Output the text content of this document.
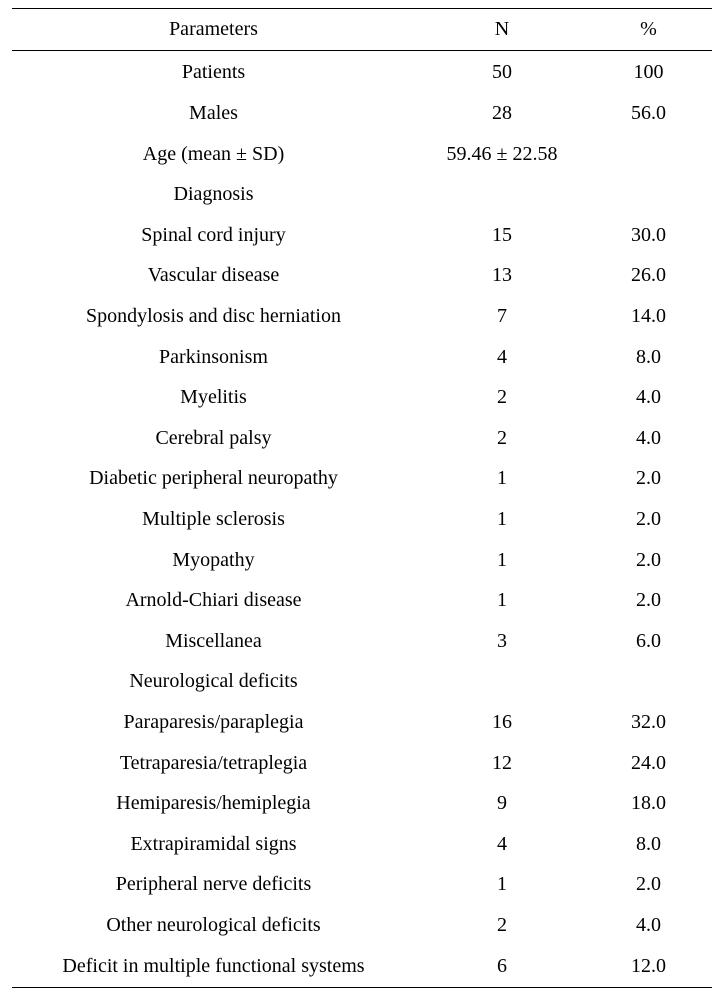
Parameters	N	%
Patients	50	100
Males	28	56.0
Age (mean ± SD)	59.46 ± 22.58
Diagnosis
Spinal cord injury	15	30.0
Vascular disease	13	26.0
Spondylosis and disc herniation	7	14.0
Parkinsonism	4	8.0
Myelitis	2	4.0
Cerebral palsy	2	4.0
Diabetic peripheral neuropathy	1	2.0
Multiple sclerosis	1	2.0
Myopathy	1	2.0
Arnold-Chiari disease	1	2.0
Miscellanea	3	6.0
Neurological deficits
Paraparesis/paraplegia	16	32.0
Tetraparesia/tetraplegia	12	24.0
Hemiparesis/hemiplegia	9	18.0
Extrapiramidal signs	4	8.0
Peripheral nerve deficits	1	2.0
Other neurological deficits	2	4.0
Deficit in multiple functional systems	6	12.0
